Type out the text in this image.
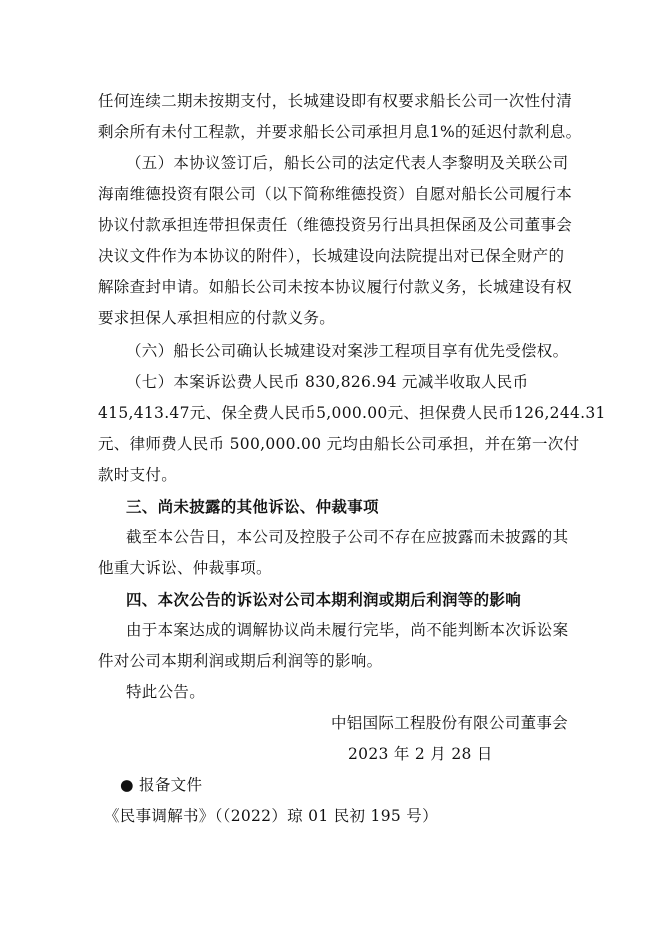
任何连续二期未按期支付，长城建设即有权要求船长公司一次性付清
剩余所有未付工程款，并要求船长公司承担月息1%的延迟付款利息。
（五）本协议签订后，船长公司的法定代表人李黎明及关联公司
海南维德投资有限公司（以下简称维德投资）自愿对船长公司履行本
协议付款承担连带担保责任（维德投资另行出具担保函及公司董事会
决议文件作为本协议的附件），长城建设向法院提出对已保全财产的
解除查封申请。如船长公司未按本协议履行付款义务，长城建设有权
要求担保人承担相应的付款义务。
（六）船长公司确认长城建设对案涉工程项目享有优先受偿权。
（七）本案诉讼费人民币 830,826.94 元减半收取人民币
415,413.47元、保全费人民币5,000.00元、担保费人民币126,244.31
元、律师费人民币 500,000.00 元均由船长公司承担，并在第一次付
款时支付。
三、尚未披露的其他诉讼、仲裁事项
截至本公告日，本公司及控股子公司不存在应披露而未披露的其
他重大诉讼、仲裁事项。
四、本次公告的诉讼对公司本期利润或期后利润等的影响
由于本案达成的调解协议尚未履行完毕，尚不能判断本次诉讼案
件对公司本期利润或期后利润等的影响。
特此公告。
中铝国际工程股份有限公司董事会
2023 年 2 月 28 日
● 报备文件
《民事调解书》（（2022）琼 01 民初 195 号）
